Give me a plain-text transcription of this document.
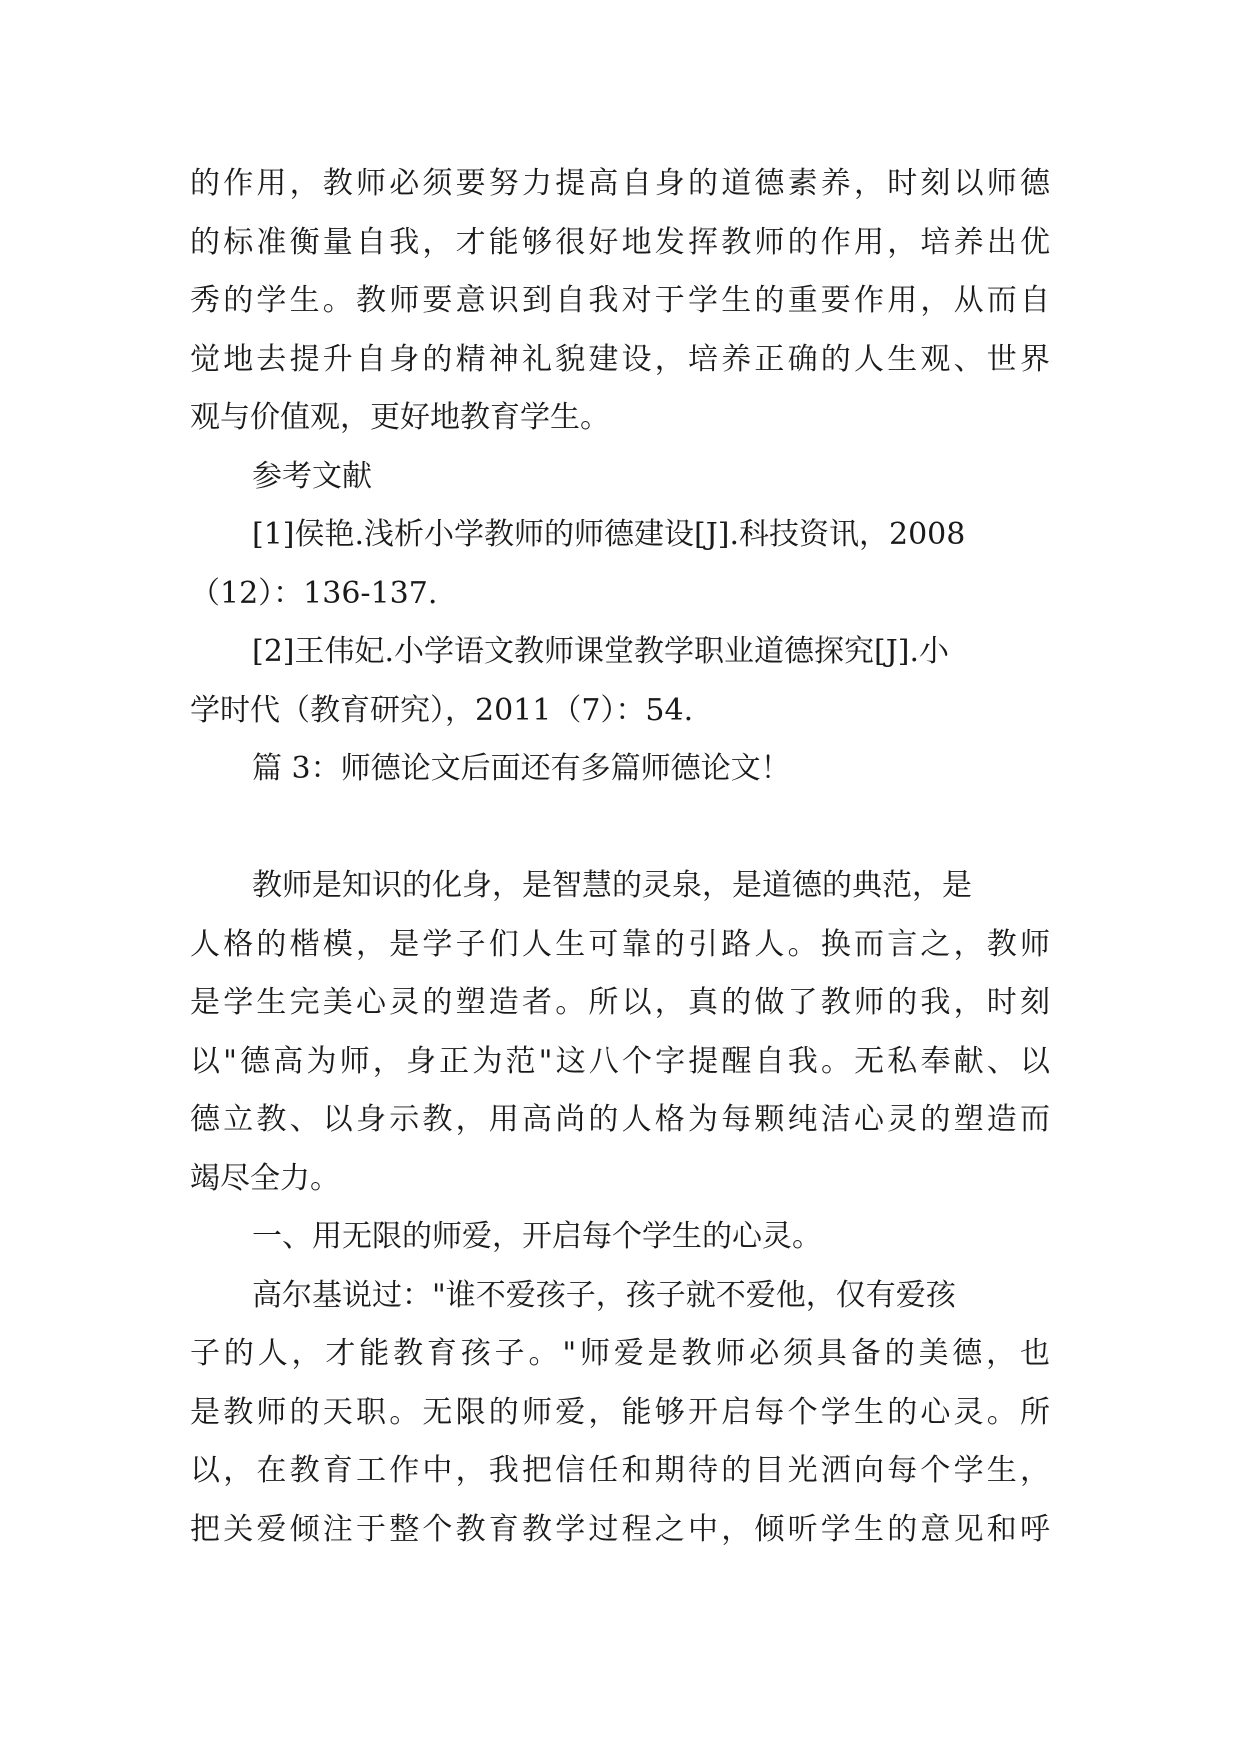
的作用，教师必须要努力提高自身的道德素养，时刻以师德
的标准衡量自我，才能够很好地发挥教师的作用，培养出优
秀的学生。教师要意识到自我对于学生的重要作用，从而自
觉地去提升自身的精神礼貌建设，培养正确的人生观、世界
观与价值观，更好地教育学生。
参考文献
[1]侯艳.浅析小学教师的师德建设[J].科技资讯，2008
（12）：136-137.
[2]王伟妃.小学语文教师课堂教学职业道德探究[J].小
学时代（教育研究），2011（7）：54.
篇 3：师德论文后面还有多篇师德论文！
教师是知识的化身，是智慧的灵泉，是道德的典范，是
人格的楷模，是学子们人生可靠的引路人。换而言之，教师
是学生完美心灵的塑造者。所以，真的做了教师的我，时刻
以"德高为师，身正为范"这八个字提醒自我。无私奉献、以
德立教、以身示教，用高尚的人格为每颗纯洁心灵的塑造而
竭尽全力。
一、用无限的师爱，开启每个学生的心灵。
高尔基说过："谁不爱孩子，孩子就不爱他，仅有爱孩
子的人，才能教育孩子。"师爱是教师必须具备的美德，也
是教师的天职。无限的师爱，能够开启每个学生的心灵。所
以，在教育工作中，我把信任和期待的目光洒向每个学生，
把关爱倾注于整个教育教学过程之中，倾听学生的意见和呼
